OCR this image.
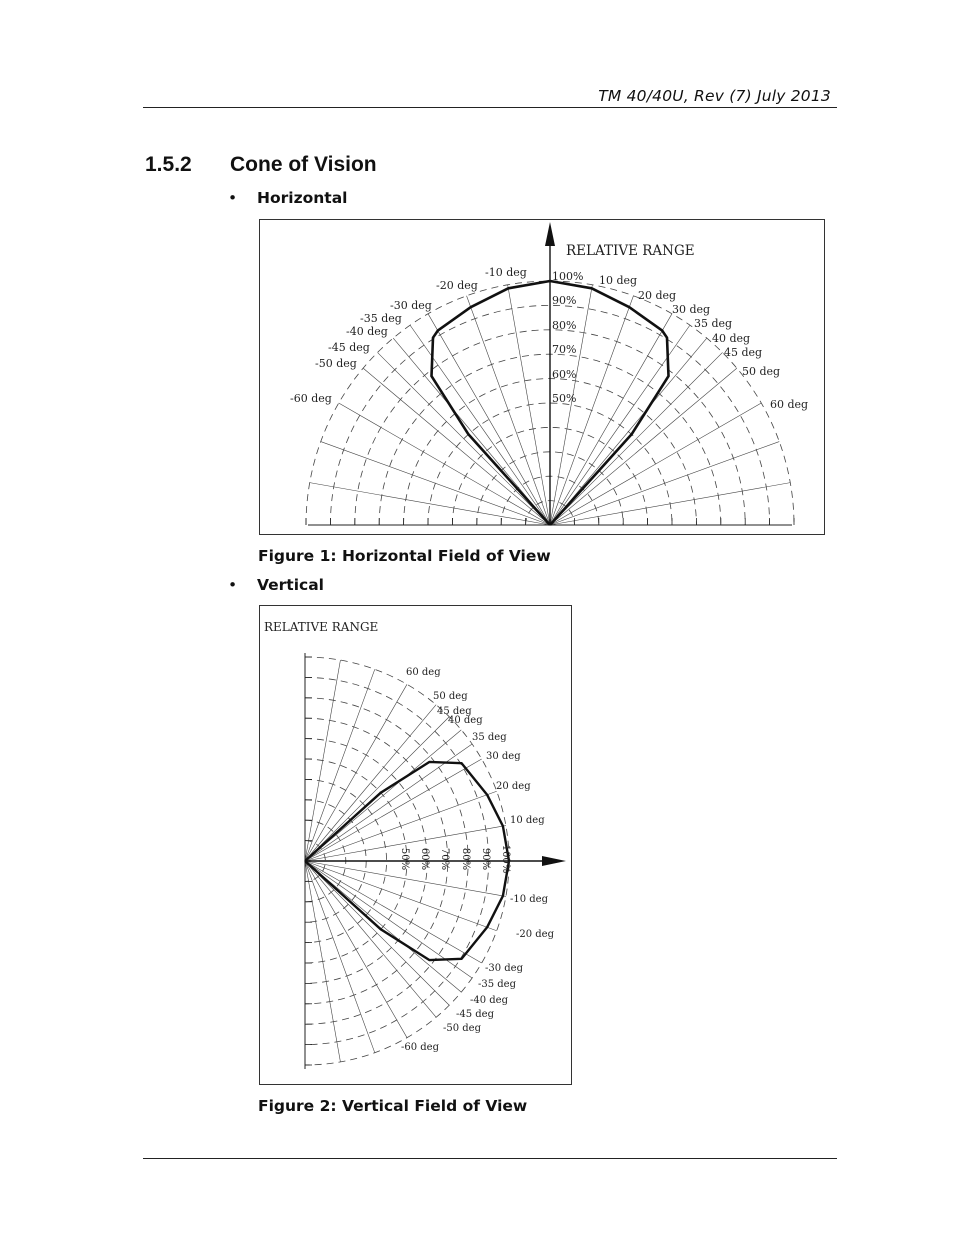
TM 40/40U, Rev (7) July 2013
1.5.2 Cone of Vision
• Horizontal
RELATIVE RANGE
100%
90%
80%
70%
60%
50%
-60 deg
-50 deg
-45 deg
-40 deg
-35 deg
-30 deg
-20 deg
-10 deg
10 deg
20 deg
30 deg
35 deg
40 deg
45 deg
50 deg
60 deg
Figure 1: Horizontal Field of View
• Vertical
RELATIVE RANGE
50% 60% 70% 80% 90% 100%
60 deg
50 deg
45 deg
40 deg
35 deg
30 deg
20 deg
10 deg
-10 deg
-20 deg
-30 deg
-35 deg
-40 deg
-45 deg
-50 deg
-60 deg
Figure 2: Vertical Field of View
